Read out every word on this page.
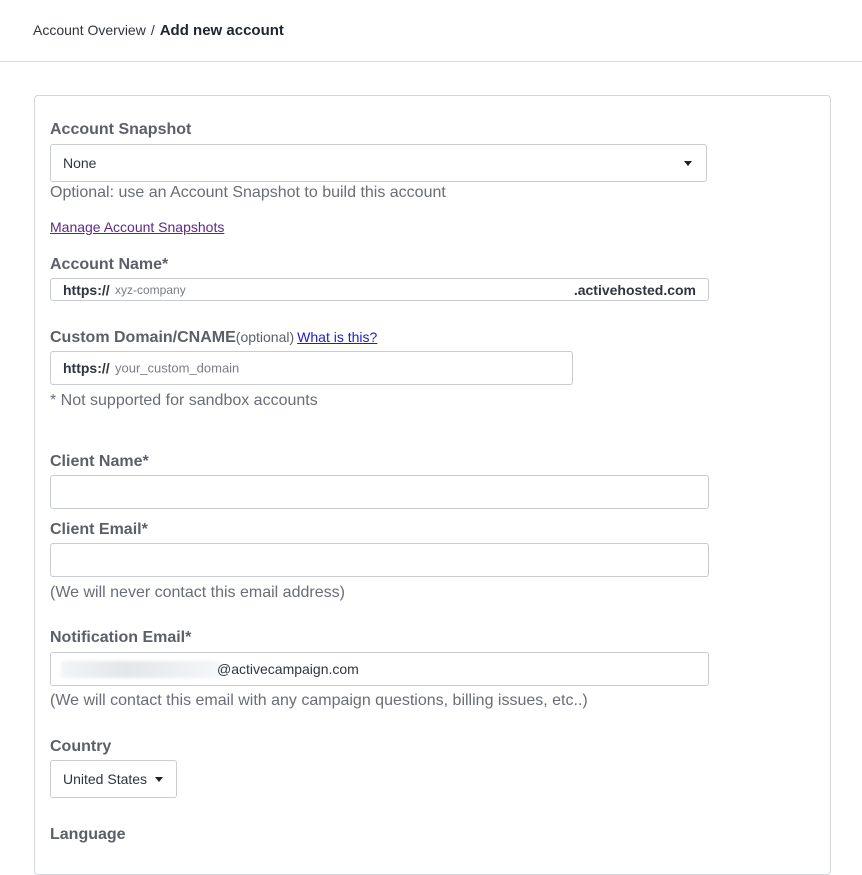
Account Overview / Add new account
Account Snapshot
None
Optional: use an Account Snapshot to build this account
Manage Account Snapshots
Account Name*
https:// xyz-company	.activehosted.com
Custom Domain/CNAME(optional) What is this?
https:// your_custom_domain
* Not supported for sandbox accounts
Client Name*
Client Email*
(We will never contact this email address)
Notification Email*
@activecampaign.com
(We will contact this email with any campaign questions, billing issues, etc..)
Country
United States
Language
